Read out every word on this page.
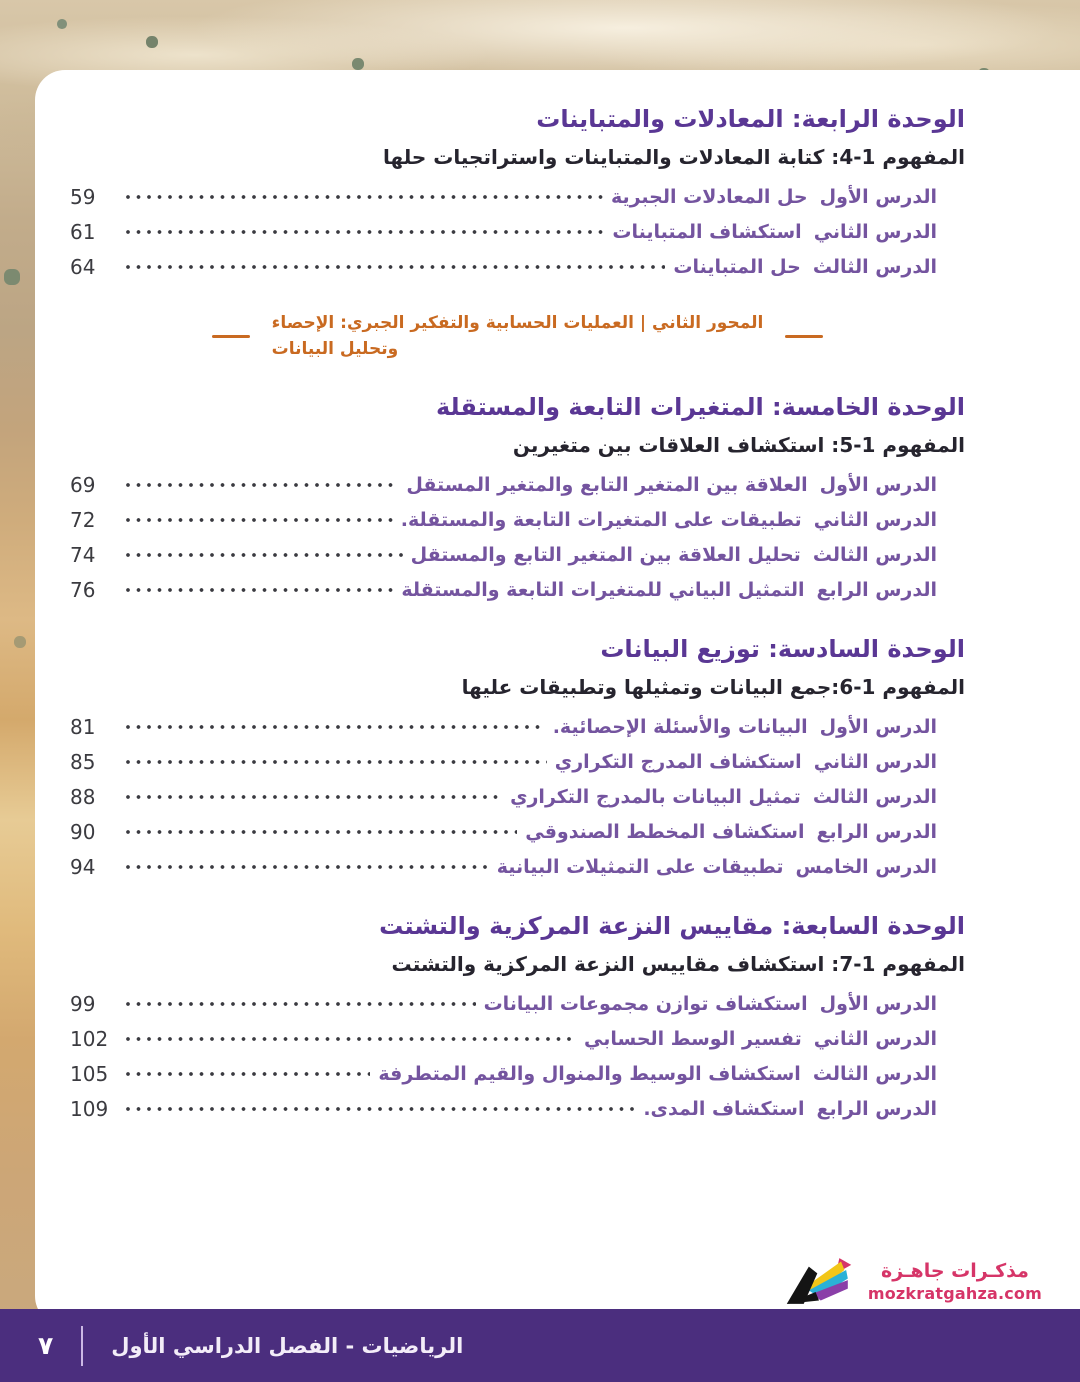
الوحدة الرابعة: المعادلات والمتباينات
المفهوم 1-4: كتابة المعادلات والمتباينات واستراتجيات حلها
الدرس الأول
حل المعادلات الجبرية
59
الدرس الثاني
استكشاف المتباينات
61
الدرس الثالث
حل المتباينات
64
المحور الثاني | العمليات الحسابية والتفكير الجبري: الإحصاء
وتحليل البيانات
الوحدة الخامسة: المتغيرات التابعة والمستقلة
المفهوم 1-5: استكشاف العلاقات بين متغيرين
الدرس الأول
العلاقة بين المتغير التابع والمتغير المستقل
69
الدرس الثاني
تطبيقات على المتغيرات التابعة والمستقلة.
72
الدرس الثالث
تحليل العلاقة بين المتغير التابع والمستقل
74
الدرس الرابع
التمثيل البياني للمتغيرات التابعة والمستقلة
76
الوحدة السادسة: توزيع البيانات
المفهوم 1-6:جمع البيانات وتمثيلها وتطبيقات عليها
الدرس الأول
البيانات والأسئلة الإحصائية.
81
الدرس الثاني
استكشاف المدرج التكراري
85
الدرس الثالث
تمثيل البيانات بالمدرج التكراري
88
الدرس الرابع
استكشاف المخطط الصندوقي
90
الدرس الخامس
تطبيقات على التمثيلات البيانية
94
الوحدة السابعة: مقاييس النزعة المركزية والتشتت
المفهوم 1-7: استكشاف مقاييس النزعة المركزية والتشتت
الدرس الأول
استكشاف توازن مجموعات البيانات
99
الدرس الثاني
تفسير الوسط الحسابي
102
الدرس الثالث
استكشاف الوسيط والمنوال والقيم المتطرفة
105
الدرس الرابع
استكشاف المدى.
109
مذكـرات جاهـزة
mozkratgahza.com
الرياضيات - الفصل الدراسي الأول
٧
